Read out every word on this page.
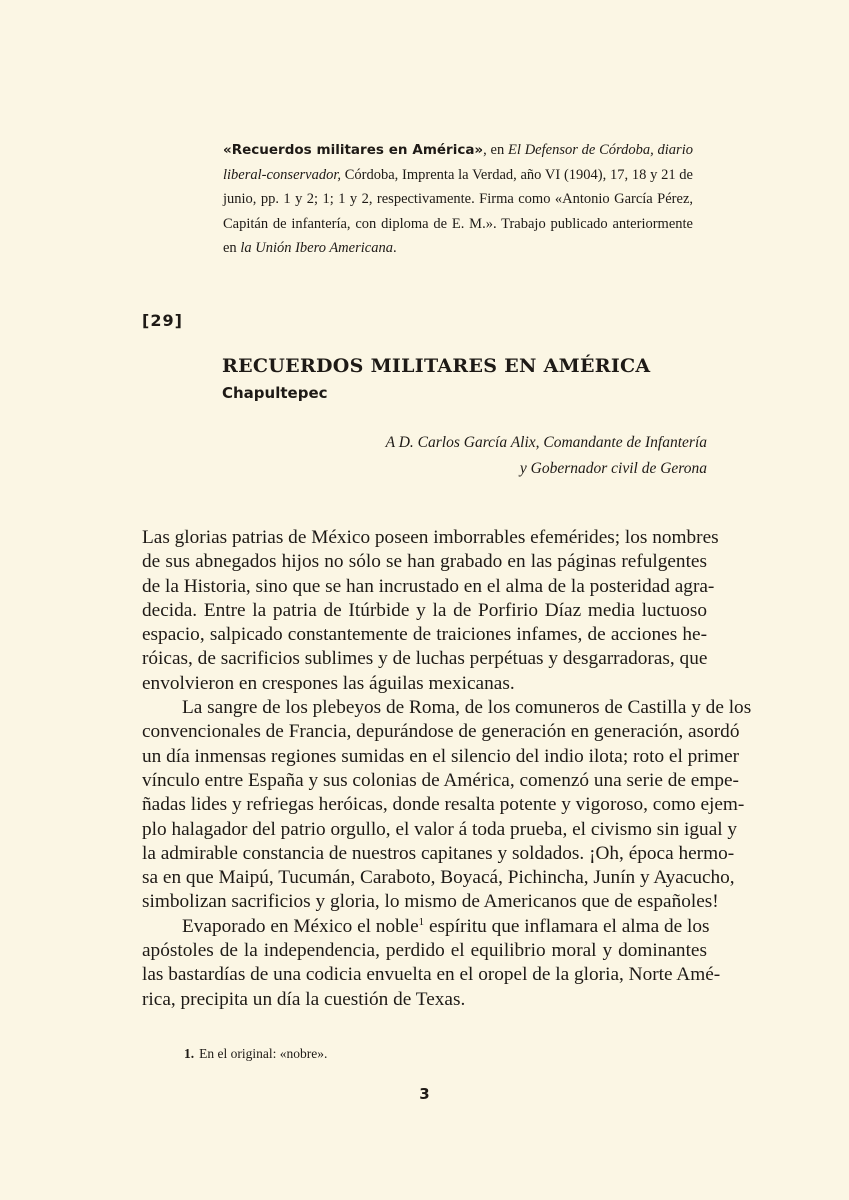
«Recuerdos militares en América», en El Defensor de Córdoba, diario liberal-conservador, Córdoba, Imprenta la Verdad, año VI (1904), 17, 18 y 21 de junio, pp. 1 y 2; 1; 1 y 2, respectivamente. Firma como «Antonio García Pérez, Capitán de infantería, con diploma de E. M.». Trabajo publicado anteriormente en la Unión Ibero Americana.
[29]
RECUERDOS MILITARES EN AMÉRICA
Chapultepec
A D. Carlos García Alix, Comandante de Infantería
y Gobernador civil de Gerona
Las glorias patrias de México poseen imborrables efemérides; los nombres
de sus abnegados hijos no sólo se han grabado en las páginas refulgentes
de la Historia, sino que se han incrustado en el alma de la posteridad agra-
decida. Entre la patria de Itúrbide y la de Porfirio Díaz media luctuoso
espacio, salpicado constantemente de traiciones infames, de acciones he-
róicas, de sacrificios sublimes y de luchas perpétuas y desgarradoras, que
envolvieron en crespones las águilas mexicanas.
La sangre de los plebeyos de Roma, de los comuneros de Castilla y de los
convencionales de Francia, depurándose de generación en generación, asordó
un día inmensas regiones sumidas en el silencio del indio ilota; roto el primer
vínculo entre España y sus colonias de América, comenzó una serie de empe-
ñadas lides y refriegas heróicas, donde resalta potente y vigoroso, como ejem-
plo halagador del patrio orgullo, el valor á toda prueba, el civismo sin igual y
la admirable constancia de nuestros capitanes y soldados. ¡Oh, época hermo-
sa en que Maipú, Tucumán, Caraboto, Boyacá, Pichincha, Junín y Ayacucho,
simbolizan sacrificios y gloria, lo mismo de Americanos que de españoles!
Evaporado en México el noble$^1$ espíritu que inflamara el alma de los
apóstoles de la independencia, perdido el equilibrio moral y dominantes
las bastardías de una codicia envuelta en el oropel de la gloria, Norte Amé-
rica, precipita un día la cuestión de Texas.
1. En el original: «nobre».
3
